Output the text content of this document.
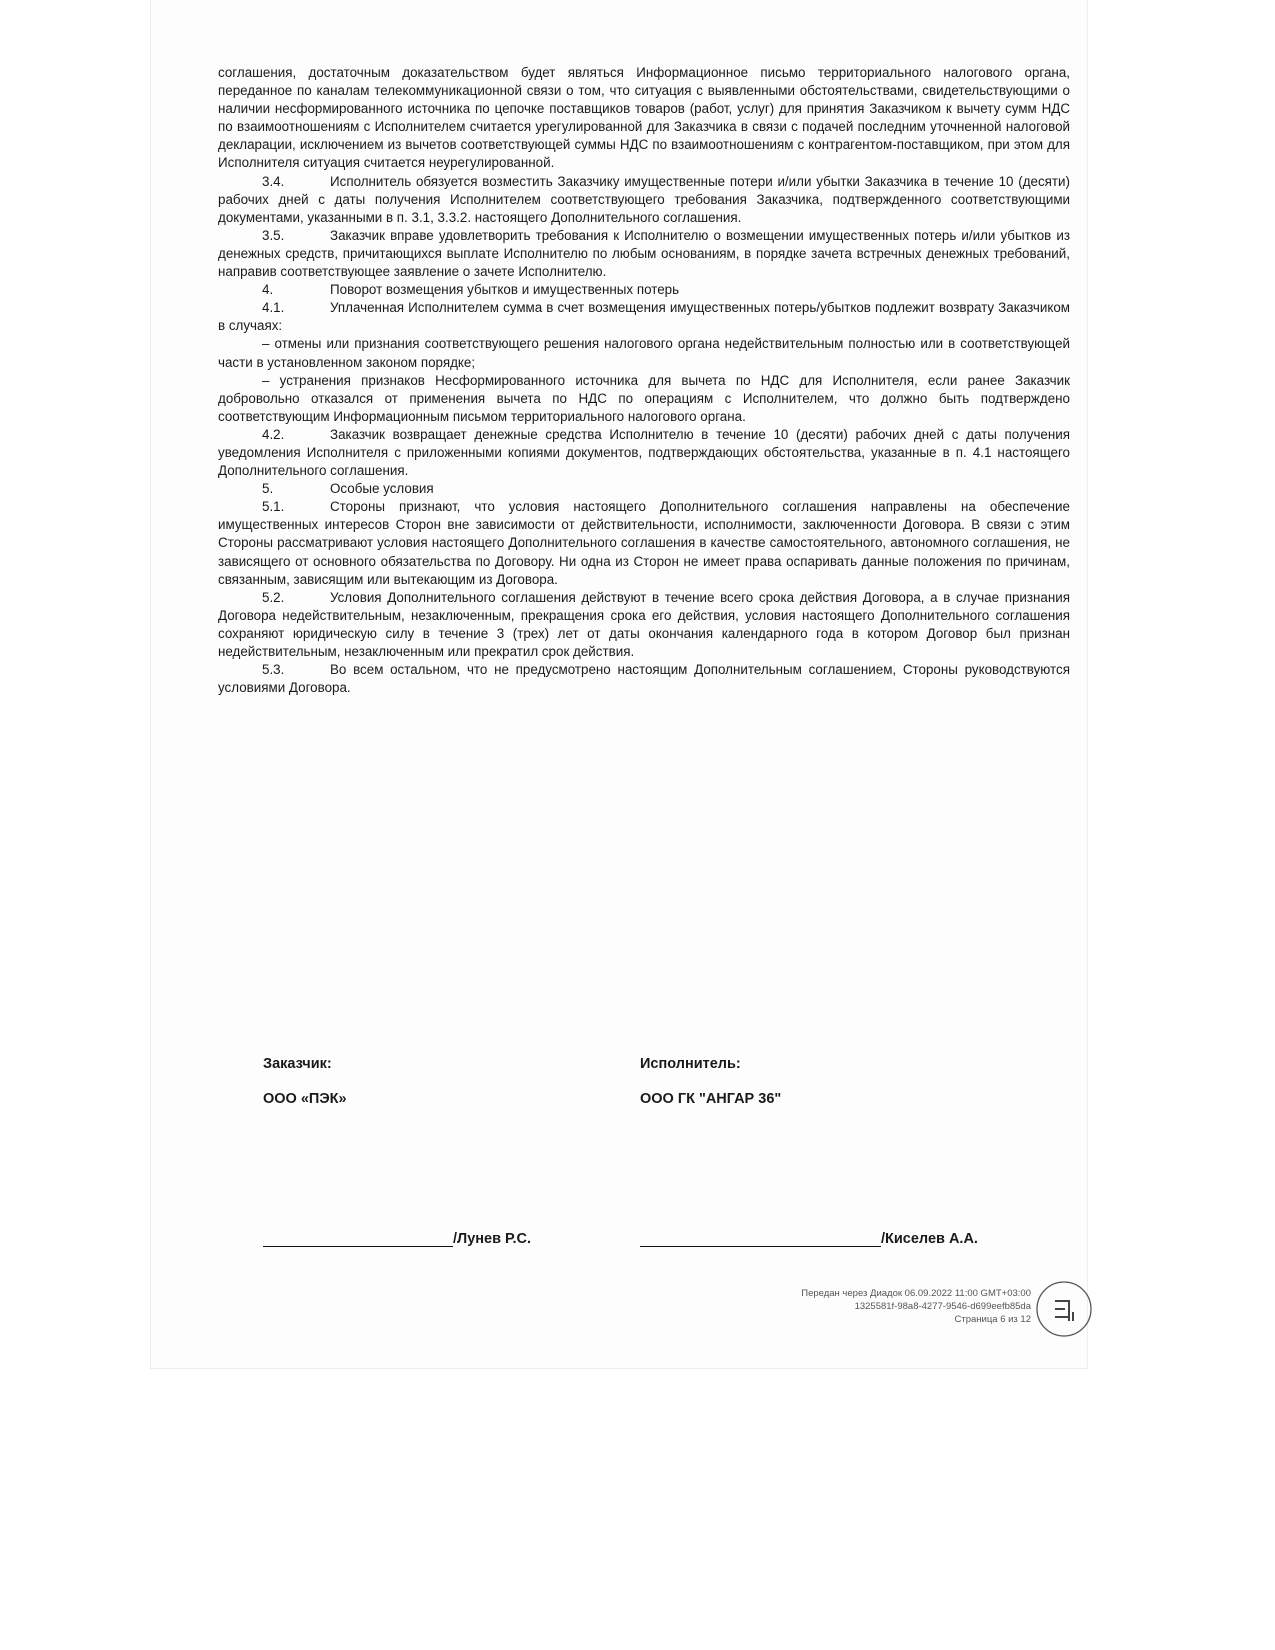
соглашения, достаточным доказательством будет являться Информационное письмо территориального налогового органа, переданное по каналам телекоммуникационной связи о том, что ситуация с выявленными обстоятельствами, свидетельствующими о наличии несформированного источника по цепочке поставщиков товаров (работ, услуг) для принятия Заказчиком к вычету сумм НДС по взаимоотношениям с Исполнителем считается урегулированной для Заказчика в связи с подачей последним уточненной налоговой декларации, исключением из вычетов соответствующей суммы НДС по взаимоотношениям с контрагентом-поставщиком, при этом для Исполнителя ситуация считается неурегулированной.

3.4.	Исполнитель обязуется возместить Заказчику имущественные потери и/или убытки Заказчика в течение 10 (десяти) рабочих дней с даты получения Исполнителем соответствующего требования Заказчика, подтвержденного соответствующими документами, указанными в п. 3.1, 3.3.2. настоящего Дополнительного соглашения.

3.5.	Заказчик вправе удовлетворить требования к Исполнителю о возмещении имущественных потерь и/или убытков из денежных средств, причитающихся выплате Исполнителю по любым основаниям, в порядке зачета встречных денежных требований, направив соответствующее заявление о зачете Исполнителю.

4.	Поворот возмещения убытков и имущественных потерь

4.1.	Уплаченная Исполнителем сумма в счет возмещения имущественных потерь/убытков подлежит возврату Заказчиком в случаях:

– отмены или признания соответствующего решения налогового органа недействительным полностью или в соответствующей части в установленном законом порядке;

– устранения признаков Несформированного источника для вычета по НДС для Исполнителя, если ранее Заказчик добровольно отказался от применения вычета по НДС по операциям с Исполнителем, что должно быть подтверждено соответствующим Информационным письмом территориального налогового органа.

4.2.	Заказчик возвращает денежные средства Исполнителю в течение 10 (десяти) рабочих дней с даты получения уведомления Исполнителя с приложенными копиями документов, подтверждающих обстоятельства, указанные в п. 4.1 настоящего Дополнительного соглашения.

5.	Особые условия

5.1.	Стороны признают, что условия настоящего Дополнительного соглашения направлены на обеспечение имущественных интересов Сторон вне зависимости от действительности, исполнимости, заключенности Договора. В связи с этим Стороны рассматривают условия настоящего Дополнительного соглашения в качестве самостоятельного, автономного соглашения, не зависящего от основного обязательства по Договору. Ни одна из Сторон не имеет права оспаривать данные положения по причинам, связанным, зависящим или вытекающим из Договора.

5.2.	Условия Дополнительного соглашения действуют в течение всего срока действия Договора, а в случае признания Договора недействительным, незаключенным, прекращения срока его действия, условия настоящего Дополнительного соглашения сохраняют юридическую силу в течение 3 (трех) лет от даты окончания календарного года в котором Договор был признан недействительным, незаключенным или прекратил срок действия.

5.3.	Во всем остальном, что не предусмотрено настоящим Дополнительным соглашением, Стороны руководствуются условиями Договора.

Заказчик:
ООО «ПЭК»
Исполнитель:
ООО ГК "АНГАР 36"
/Лунев Р.С.	/Киселев А.А.
Передан через Диадок 06.09.2022 11:00 GMT+03:00
1325581f-98a8-4277-9546-d699eefb85da
Страница 6 из 12
